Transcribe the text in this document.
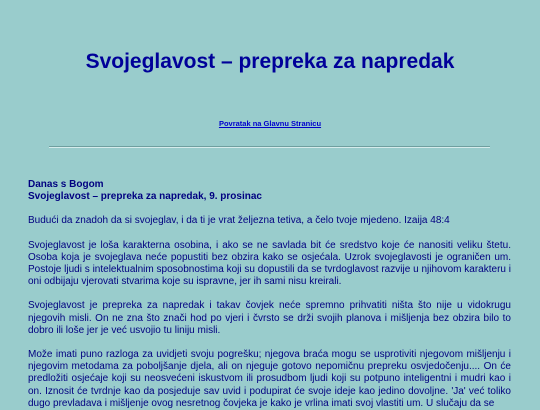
Svojeglavost – prepreka za napredak
Povratak na Glavnu Stranicu

Danas s Bogom

Svojeglavost – prepreka za napredak, 9. prosinac

Budući da znadoh da si svojeglav, i da ti je vrat željezna tetiva, a čelo tvoje mjedeno. Izaija 48:4

Svojeglavost je loša karakterna osobina, i ako se ne savlada bit će sredstvo koje će nanositi veliku štetu. Osoba koja je svojeglava neće popustiti bez obzira kako se osjećala. Uzrok svojeglavosti je ograničen um. Postoje ljudi s intelektualnim sposobnostima koji su dopustili da se tvrdoglavost razvije u njihovom karakteru i oni odbijaju vjerovati stvarima koje su ispravne, jer ih sami nisu kreirali.

Svojeglavost je prepreka za napredak i takav čovjek neće spremno prihvatiti ništa što nije u vidokrugu njegovih misli. On ne zna što znači hod po vjeri i čvrsto se drži svojih planova i mišljenja bez obzira bilo to dobro ili loše jer je već usvojio tu liniju misli.

Može imati puno razloga za uvidjeti svoju pogrešku; njegova braća mogu se usprotiviti njegovom mišljenju i njegovim metodama za poboljšanje djela, ali on njeguje gotovo nepomičnu prepreku osvjedočenju.... On će predložiti osjećaje koji su neosvećeni iskustvom ili prosudbom ljudi koji su potpuno inteligentni i mudri kao i on. Iznosit će tvrdnje kao da posjeduje sav uvid i podupirat će svoje ideje kao jedino dovoljne. 'Ja' već toliko dugo prevladava i mišljenje ovog nesretnog čovjeka je kako je vrlina imati svoj vlastiti um. U slučaju da se
